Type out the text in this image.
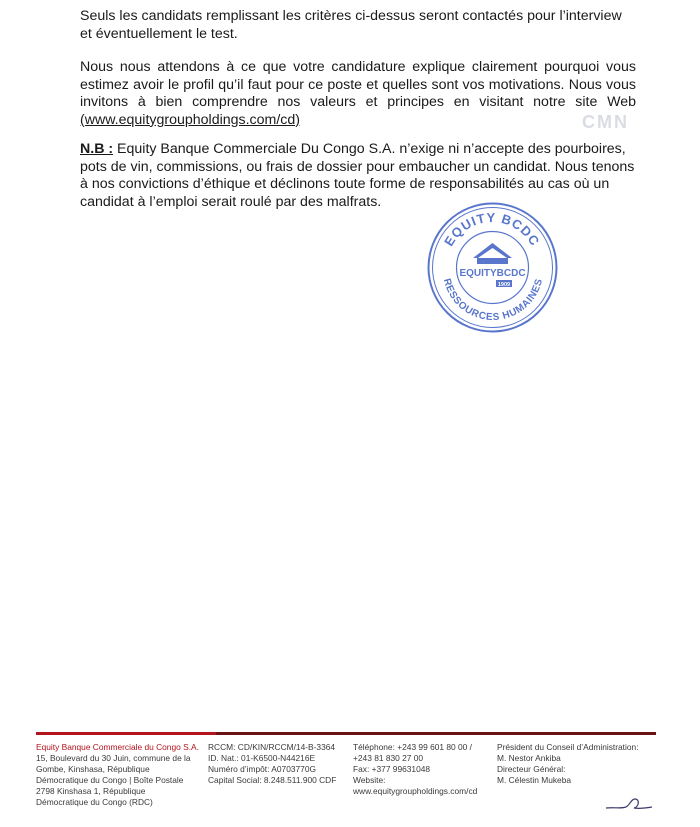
Seuls les candidats remplissant les critères ci-dessus seront contactés pour l’interview et éventuellement le test.
Nous nous attendons à ce que votre candidature explique clairement pourquoi vous estimez avoir le profil qu’il faut pour ce poste et quelles sont vos motivations. Nous vous invitons à bien comprendre nos valeurs et principes en visitant notre site Web (www.equitygroupholdings.com/cd)
N.B : Equity Banque Commerciale Du Congo S.A. n’exige ni n’accepte des pourboires, pots de vin, commissions, ou frais de dossier pour embaucher un candidat. Nous tenons à nos convictions d’éthique et déclinons toute forme de responsabilités au cas où un candidat à l’emploi serait roulé par des malfrats.
CMN
EQUITY BCDC
RESSOURCES HUMAINES
EQUITYBCDC
1909
Equity Banque Commerciale du Congo S.A.
15, Boulevard du 30 Juin, commune de la
Gombe, Kinshasa, République
Démocratique du Congo | Boîte Postale
2798 Kinshasa 1, République
Démocratique du Congo (RDC)
RCCM: CD/KIN/RCCM/14-B-3364
ID. Nat.: 01-K6500-N44216E
Numéro d’impôt: A0703770G
Capital Social: 8.248.511.900 CDF
Téléphone: +243 99 601 80 00 /
+243 81 830 27 00
Fax: +377 99631048
Website:
www.equitygroupholdings.com/cd
Président du Conseil d’Administration:
M. Nestor Ankiba
Directeur Général:
M. Célestin Mukeba
